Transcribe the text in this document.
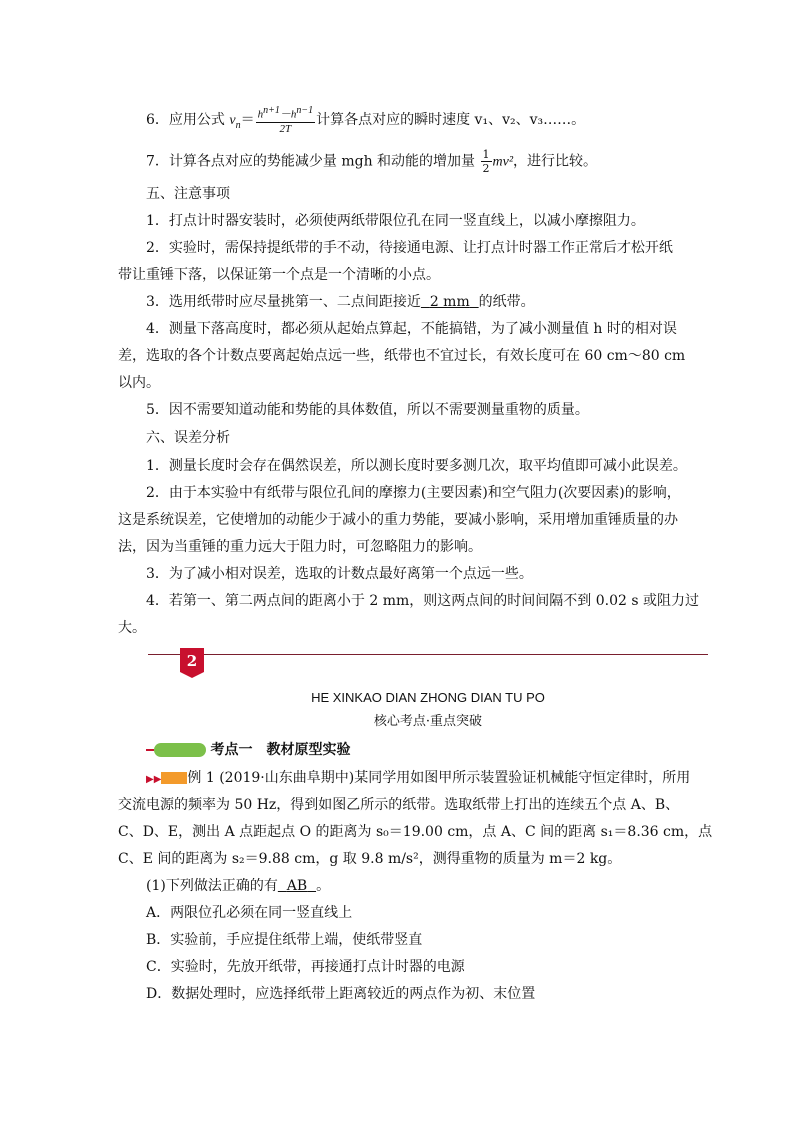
6．应用公式 $v_n= \frac{hn+1-hn-1}{2T}$ 计算各点对应的瞬时速度 v₁、v₂、v₃……。
7．计算各点对应的势能减少量 mgh 和动能的增加量 $\frac{1}{2} mv^2$，进行比较。
五、注意事项
1．打点计时器安装时，必须使两纸带限位孔在同一竖直线上，以减小摩擦阻力。
2．实验时，需保持提纸带的手不动，待接通电源、让打点计时器工作正常后才松开纸
带让重锤下落，以保证第一个点是一个清晰的小点。
3．选用纸带时应尽量挑第一、二点间距接近 2 mm 的纸带。
4．测量下落高度时，都必须从起始点算起，不能搞错，为了减小测量值 h 时的相对误
差，选取的各个计数点要离起始点远一些，纸带也不宜过长，有效长度可在 60 cm～80 cm
以内。
5．因不需要知道动能和势能的具体数值，所以不需要测量重物的质量。
六、误差分析
1．测量长度时会存在偶然误差，所以测长度时要多测几次，取平均值即可减小此误差。
2．由于本实验中有纸带与限位孔间的摩擦力(主要因素)和空气阻力(次要因素)的影响，
这是系统误差，它使增加的动能少于减小的重力势能，要减小影响，采用增加重锤质量的办
法，因为当重锤的重力远大于阻力时，可忽略阻力的影响。
3．为了减小相对误差，选取的计数点最好离第一个点远一些。
4．若第一、第二两点间的距离小于 2 mm，则这两点间的时间间隔不到 0.02 s 或阻力过
大。
2
HE XINKAO DIAN ZHONG DIAN TU PO
核心考点·重点突破
考点一　教材原型实验
▶▶ 例 1 (2019·山东曲阜期中)某同学用如图甲所示装置验证机械能守恒定律时，所用
交流电源的频率为 50 Hz，得到如图乙所示的纸带。选取纸带上打出的连续五个点 A、B、
C、D、E，测出 A 点距起点 O 的距离为 s₀＝19.00 cm，点 A、C 间的距离 s₁＝8.36 cm，点
C、E 间的距离为 s₂＝9.88 cm，g 取 9.8 m/s²，测得重物的质量为 m＝2 kg。
(1)下列做法正确的有 AB 。
A．两限位孔必须在同一竖直线上
B．实验前，手应提住纸带上端，使纸带竖直
C．实验时，先放开纸带，再接通打点计时器的电源
D．数据处理时，应选择纸带上距离较近的两点作为初、末位置
